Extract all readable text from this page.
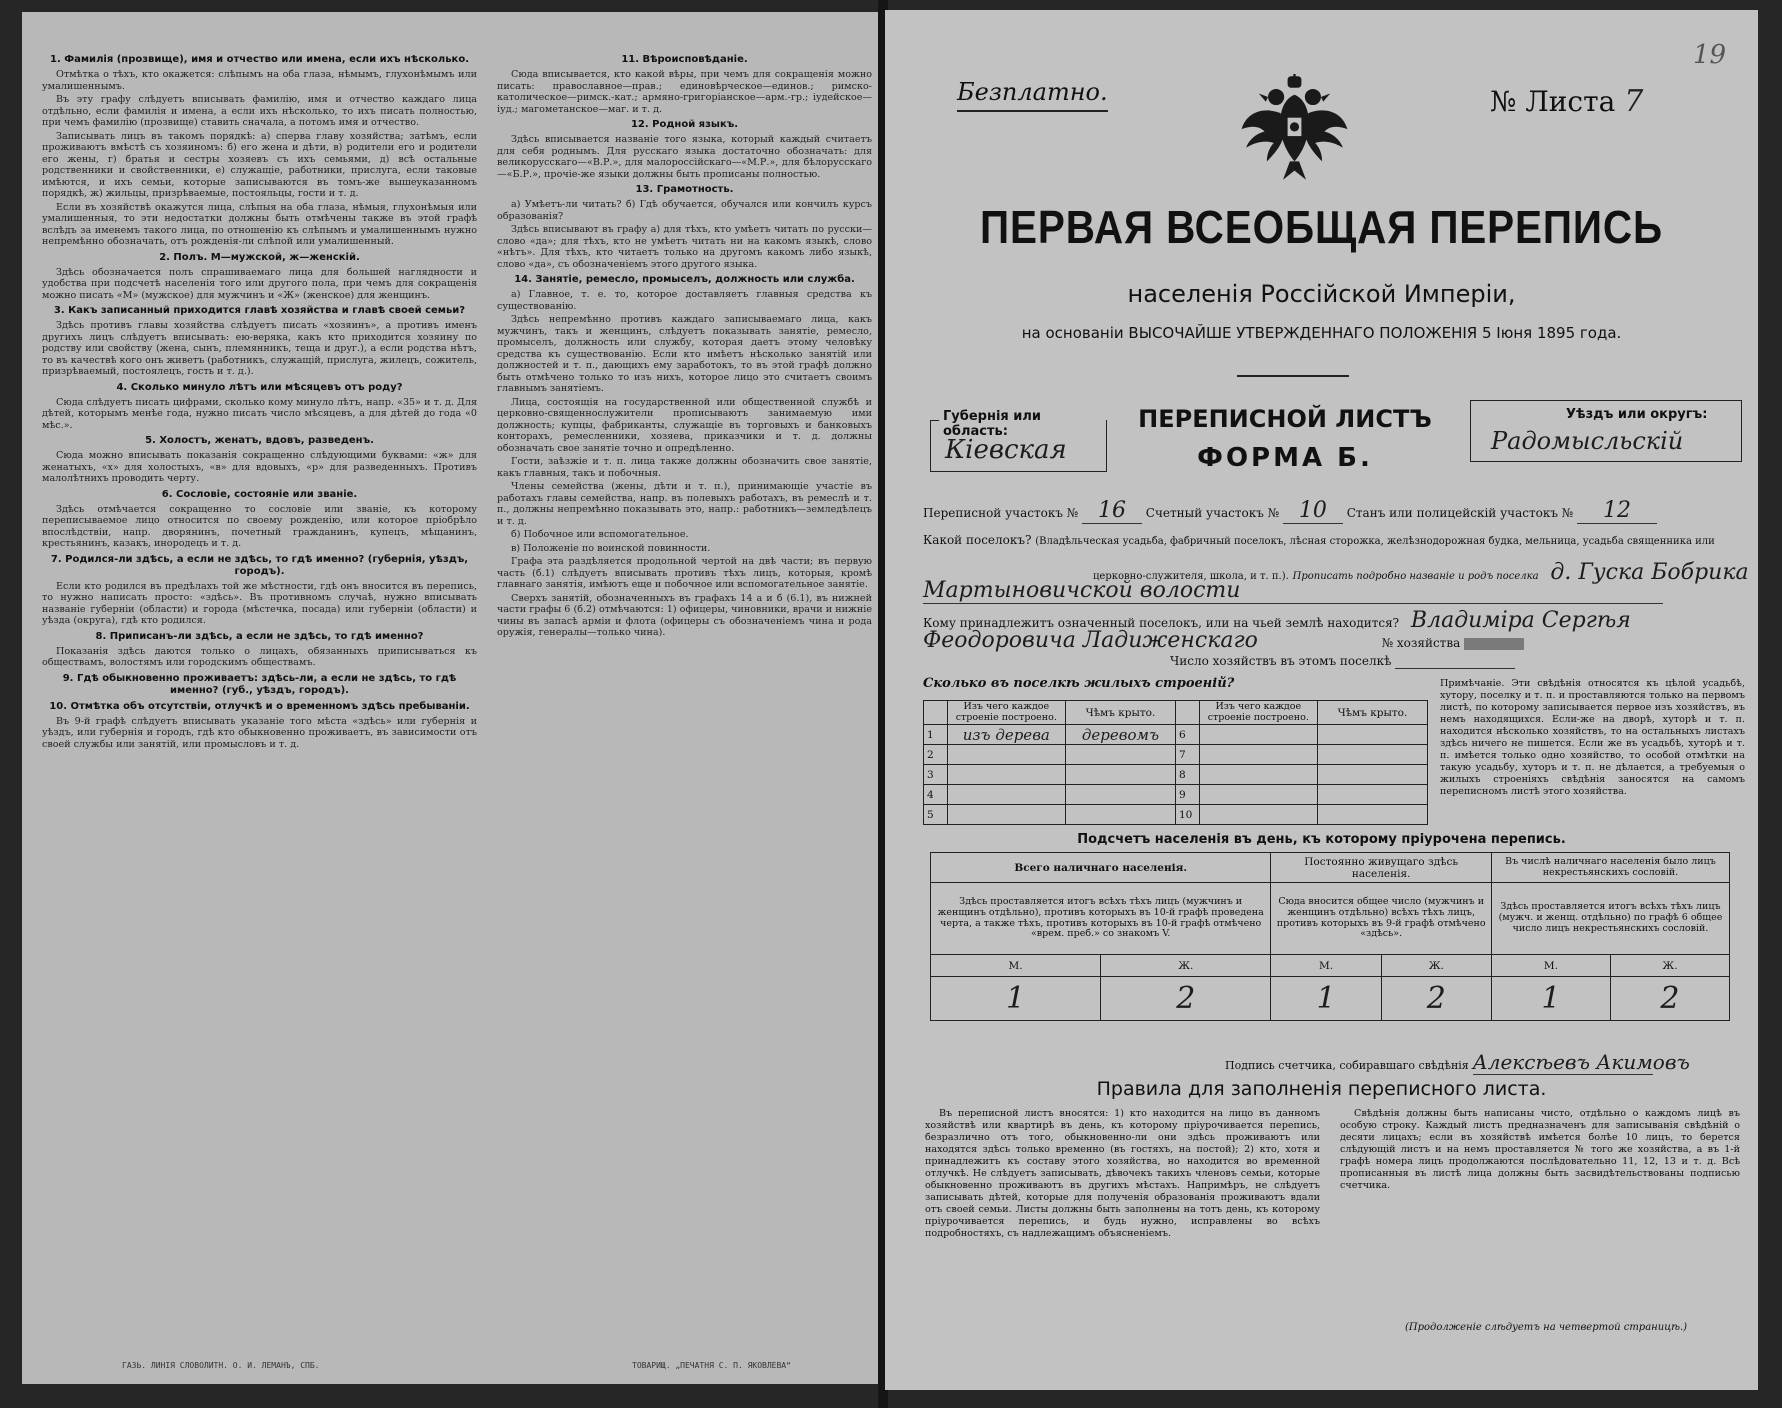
1. Фамилія (прозвище), имя и отчество или имена, если ихъ нѣсколько.

Отмѣтка о тѣхъ, кто окажется: слѣпымъ на оба глаза, нѣмымъ, глухонѣмымъ или умалишеннымъ.

Въ эту графу слѣдуетъ вписывать фамилію, имя и отчество каждаго лица отдѣльно, если фамилія и имена, а если ихъ нѣсколько, то ихъ писать полностью, при чемъ фамилію (прозвище) ставить сначала, а потомъ имя и отчество.

Записывать лицъ въ такомъ порядкѣ: а) сперва главу хозяйства; затѣмъ, если проживаютъ вмѣстѣ съ хозяиномъ: б) его жена и дѣти, в) родители его и родители его жены, г) братья и сестры хозяевъ съ ихъ семьями, д) всѣ остальные родственники и свойственники, е) служащіе, работники, прислуга, если таковые имѣются, и ихъ семьи, которые записываются въ томъ-же вышеуказанномъ порядкѣ, ж) жильцы, призрѣваемые, постояльцы, гости и т. д.

Если въ хозяйствѣ окажутся лица, слѣпыя на оба глаза, нѣмыя, глухонѣмыя или умалишенныя, то эти недостатки должны быть отмѣчены также въ этой графѣ вслѣдъ за именемъ такого лица, по отношенію къ слѣпымъ и умалишеннымъ нужно непремѣнно обозначать, отъ рожденія-ли слѣпой или умалишенный.

2. Полъ. М—мужской, ж—женскій.

Здѣсь обозначается полъ спрашиваемаго лица для большей наглядности и удобства при подсчетѣ населенія того или другого пола, при чемъ для сокращенія можно писать «М» (мужское) для мужчинъ и «Ж» (женское) для женщинъ.

3. Какъ записанный приходится главѣ хозяйства и главѣ своей семьи?

Здѣсь противъ главы хозяйства слѣдуетъ писать «хозяинъ», а противъ именъ другихъ лицъ слѣдуетъ вписывать: ею-веряка, какъ кто приходится хозяину по родству или свойству (жена, сынъ, племянникъ, теща и друг.), а если родства нѣтъ, то въ качествѣ кого онъ живетъ (работникъ, служащій, прислуга, жилецъ, сожитель, призрѣваемый, постоялецъ, гость и т. д.).

4. Сколько минуло лѣтъ или мѣсяцевъ отъ роду?

Сюда слѣдуетъ писать цифрами, сколько кому минуло лѣтъ, напр. «35» и т. д. Для дѣтей, которымъ менѣе года, нужно писать число мѣсяцевъ, а для дѣтей до года «0 мѣс.».

5. Холостъ, женатъ, вдовъ, разведенъ.

Сюда можно вписывать показанія сокращенно слѣдующими буквами: «ж» для женатыхъ, «х» для холостыхъ, «в» для вдовыхъ, «р» для разведенныхъ. Противъ малолѣтнихъ проводить черту.

6. Сословіе, состояніе или званіе.

Здѣсь отмѣчается сокращенно то сословіе или званіе, къ которому переписываемое лицо относится по своему рожденію, или которое пріобрѣло впослѣдствіи, напр. дворянинъ, почетный гражданинъ, купецъ, мѣщанинъ, крестьянинъ, казакъ, инородецъ и т. д.

7. Родился-ли здѣсь, а если не здѣсь, то гдѣ именно? (губернія, уѣздъ, городъ).

Если кто родился въ предѣлахъ той же мѣстности, гдѣ онъ вносится въ перепись, то нужно написать просто: «здѣсь». Въ противномъ случаѣ, нужно вписывать названіе губерніи (области) и города (мѣстечка, посада) или губерніи (области) и уѣзда (округа), гдѣ кто родился.

8. Приписанъ-ли здѣсь, а если не здѣсь, то гдѣ именно?

Показанія здѣсь даются только о лицахъ, обязанныхъ приписываться къ обществамъ, волостямъ или городскимъ обществамъ.

9. Гдѣ обыкновенно проживаетъ: здѣсь-ли, а если не здѣсь, то гдѣ именно? (губ., уѣздъ, городъ).
10. Отмѣтка объ отсутствіи, отлучкѣ и о временномъ здѣсь пребываніи.

Въ 9-й графѣ слѣдуетъ вписывать указаніе того мѣста «здѣсь» или губернія и уѣздъ, или губернія и городъ, гдѣ кто обыкновенно проживаетъ, въ зависимости отъ своей службы или занятій, или промысловъ и т. д.

11. Вѣроисповѣданіе.

Сюда вписывается, кто какой вѣры, при чемъ для сокращенія можно писать: православное—прав.; единовѣрческое—единов.; римско-католическое—римск.-кат.; армяно-григоріанское—арм.-гр.; іудейское—іуд.; магометанское—маг. и т. д.

12. Родной языкъ.

Здѣсь вписывается названіе того языка, который каждый считаетъ для себя роднымъ. Для русскаго языка достаточно обозначать: для великорусскаго—«В.Р.», для малороссійскаго—«М.Р.», для бѣлорусскаго—«Б.Р.», прочіе-же языки должны быть прописаны полностью.

13. Грамотность.

а) Умѣетъ-ли читать? б) Гдѣ обучается, обучался или кончилъ курсъ образованія?

Здѣсь вписывают въ графу а) для тѣхъ, кто умѣетъ читать по русски—слово «да»; для тѣхъ, кто не умѣетъ читать ни на какомъ языкѣ, слово «нѣтъ». Для тѣхъ, кто читаетъ только на другомъ какомъ либо языкѣ, слово «да», съ обозначеніемъ этого другого языка.

14. Занятіе, ремесло, промыселъ, должность или служба.

а) Главное, т. е. то, которое доставляетъ главныя средства къ существованію.

Здѣсь непремѣнно противъ каждаго записываемаго лица, какъ мужчинъ, такъ и женщинъ, слѣдуетъ показывать занятіе, ремесло, промыселъ, должность или службу, которая даетъ этому человѣку средства къ существованію. Если кто имѣетъ нѣсколько занятій или должностей и т. п., дающихъ ему заработокъ, то въ этой графѣ должно быть отмѣчено только то изъ нихъ, которое лицо это считаетъ своимъ главнымъ занятіемъ.

Лица, состоящія на государственной или общественной службѣ и церковно-священнослужители прописываютъ занимаемую ими должность; купцы, фабриканты, служащіе въ торговыхъ и банковыхъ конторахъ, ремесленники, хозяева, приказчики и т. д. должны обозначать свое занятіе точно и опредѣленно.

Гости, заѣзжіе и т. п. лица также должны обозначить свое занятіе, какъ главныя, такъ и побочныя.

Члены семейства (жены, дѣти и т. п.), принимающіе участіе въ работахъ главы семейства, напр. въ полевыхъ работахъ, въ ремеслѣ и т. п., должны непремѣнно показывать это, напр.: работникъ—земледѣлецъ и т. д.

б) Побочное или вспомогательное.

в) Положеніе по воинской повинности.

Графа эта раздѣляется продольной чертой на двѣ части; въ первую часть (б.1) слѣдуетъ вписывать противъ тѣхъ лицъ, которыя, кромѣ главнаго занятія, имѣютъ еще и побочное или вспомогательное занятіе.

Сверхъ занятій, обозначенныхъ въ графахъ 14 а и б (6.1), въ нижней части графы 6 (б.2) отмѣчаются: 1) офицеры, чиновники, врачи и нижніе чины въ запасѣ арміи и флота (офицеры съ обозначеніемъ чина и рода оружія, генералы—только чина).

ГАЗЬ. ЛИНІЯ СЛОВОЛИТН. О. И. ЛЕМАНЪ, СПБ.	ТОВАРИЩ. „ПЕЧАТНЯ С. П. ЯКОВЛЕВА“
Безплатно.	№ Листа 7
19
ПЕРВАЯ ВСЕОБЩАЯ ПЕРЕПИСЬ
населенія Россійской Имперіи,
на основаніи ВЫСОЧАЙШЕ УТВЕРЖДЕННАГО ПОЛОЖЕНІЯ 5 Іюня 1895 года.
Губернія или область:
Кіевская
ПЕРЕПИСНОЙ ЛИСТЪ
ФОРМА Б.
Уѣздъ или округъ:
Радомысльскій
Переписной участокъ № 16 Счетный участокъ № 10 Станъ или полицейскій участокъ № 12
Какой поселокъ? (Владѣльческая усадьба, фабричный поселокъ, лѣсная сторожка, желѣзнодорожная будка, мельница, усадьба священника или
церковно-служителя, школа, и т. п.). Прописать подробно названіе и родъ поселка д. Гуска Бобрика
Мартыновичской волости
Кому принадлежитъ означенный поселокъ, или на чьей землѣ находится? Владиміра Сергѣя
Феодоровича Ладиженскаго	№ хозяйства
Число хозяйствъ въ этомъ поселкѣ
Сколько въ поселкѣ жилыхъ строеній?
	Изъ чего каждое строеніе построено.	Чѣмъ крыто.		Изъ чего каждое строеніе построено.	Чѣмъ крыто.
1	изъ дерева	деревомъ	6		
2			7		
3			8		
4			9		
5			10		
Примѣчаніе. Эти свѣдѣнія относятся къ цѣлой усадьбѣ, хутору, поселку и т. п. и проставляются только на первомъ листѣ, по которому записывается первое изъ хозяйствъ, въ немъ находящихся. Если-же на дворѣ, хуторѣ и т. п. находится нѣсколько хозяйствъ, то на остальныхъ листахъ здѣсь ничего не пишется. Если же въ усадьбѣ, хуторѣ и т. п. имѣется только одно хозяйство, то особой отмѣтки на такую усадьбу, хуторъ и т. п. не дѣлается, а требуемыя о жилыхъ строеніяхъ свѣдѣнія заносятся на самомъ переписномъ листѣ этого хозяйства.
Подсчетъ населенія въ день, къ которому пріурочена перепись.
Всего наличнаго населенія.		Постоянно живущаго здѣсь населенія.		Въ числѣ наличнаго населенія было лицъ некрестьянскихъ сословій.	
Здѣсь проставляется итогъ всѣхъ тѣхъ лицъ (мужчинъ и женщинъ отдѣльно), противъ которыхъ въ 10-й графѣ проведена черта, а также тѣхъ, противъ которыхъ въ 10-й графѣ отмѣчено «врем. преб.» со знакомъ V.		Сюда вносится общее число (мужчинъ и женщинъ отдѣльно) всѣхъ тѣхъ лицъ, противъ которыхъ въ 9-й графѣ отмѣчено «здѣсь».		Здѣсь проставляется итогъ всѣхъ тѣхъ лицъ (мужч. и женщ. отдѣльно) по графѣ 6 общее число лицъ некрестьянскихъ сословій.	
М.	Ж.	М.	Ж.	М.	Ж.
1	2	1	2	1	2
Подпись счетчика, собиравшаго свѣдѣнія Алексѣевъ Акимовъ
Правила для заполненія переписного листа.
Въ переписной листъ вносятся: 1) кто находится на лицо въ данномъ хозяйствѣ или квартирѣ въ день, къ которому пріурочивается перепись, безразлично отъ того, обыкновенно-ли они здѣсь проживаютъ или находятся здѣсь только временно (въ гостяхъ, на постой); 2) кто, хотя и принадлежитъ къ составу этого хозяйства, но находится во временной отлучкѣ. Не слѣдуетъ записывать, дѣвочекъ такихъ членовъ семьи, которые обыкновенно проживаютъ въ другихъ мѣстахъ. Напримѣръ, не слѣдуетъ записывать дѣтей, которые для полученія образованія проживаютъ вдали отъ своей семьи. Листы должны быть заполнены на тотъ день, къ которому пріурочивается перепись, и будь нужно, исправлены во всѣхъ подробностяхъ, съ надлежащимъ объясненіемъ.
Свѣдѣнія должны быть написаны чисто, отдѣльно о каждомъ лицѣ въ особую строку. Каждый листъ предназначенъ для записыванія свѣдѣній о десяти лицахъ; если въ хозяйствѣ имѣется болѣе 10 лицъ, то берется слѣдующій листъ и на немъ проставляется № того же хозяйства, а въ 1-й графѣ номера лицъ продолжаются послѣдовательно 11, 12, 13 и т. д. Всѣ прописанныя въ листѣ лица должны быть засвидѣтельствованы подписью счетчика.
(Продолженіе слѣдуетъ на четвертой страницѣ.)
